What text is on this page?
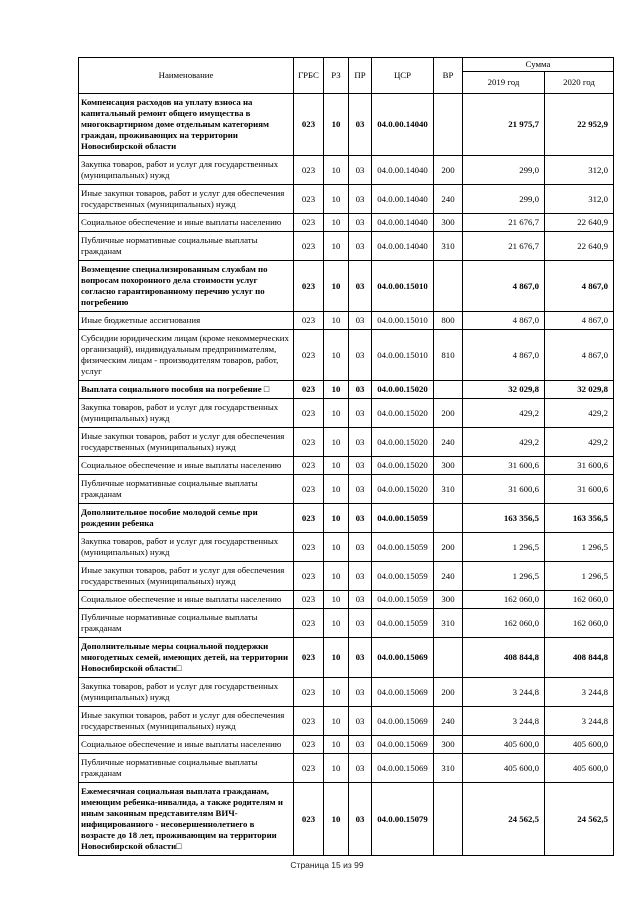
Наименование	ГРБС	РЗ	ПР	ЦСР	ВР	Сумма	
						2019 год	2020 год
Компенсация расходов на уплату взноса на капитальный ремонт общего имущества в многоквартирном доме отдельным категориям граждан, проживающих на территории Новосибирской области	023	10	03	04.0.00.14040		21 975,7	22 952,9
Закупка товаров, работ и услуг для государственных (муниципальных) нужд	023	10	03	04.0.00.14040	200	299,0	312,0
Иные закупки товаров, работ и услуг для обеспечения государственных (муниципальных) нужд	023	10	03	04.0.00.14040	240	299,0	312,0
Социальное обеспечение и иные выплаты населению	023	10	03	04.0.00.14040	300	21 676,7	22 640,9
Публичные нормативные социальные выплаты гражданам	023	10	03	04.0.00.14040	310	21 676,7	22 640,9
Возмещение специализированным службам по вопросам похоронного дела стоимости услуг согласно гарантированному перечню услуг по погребению	023	10	03	04.0.00.15010		4 867,0	4 867,0
Иные бюджетные ассигнования	023	10	03	04.0.00.15010	800	4 867,0	4 867,0
Субсидии юридическим лицам (кроме некоммерческих организаций), индивидуальным предпринимателям, физическим лицам - производителям товаров, работ, услуг	023	10	03	04.0.00.15010	810	4 867,0	4 867,0
Выплата социального пособия на погребение □	023	10	03	04.0.00.15020		32 029,8	32 029,8
Закупка товаров, работ и услуг для государственных (муниципальных) нужд	023	10	03	04.0.00.15020	200	429,2	429,2
Иные закупки товаров, работ и услуг для обеспечения государственных (муниципальных) нужд	023	10	03	04.0.00.15020	240	429,2	429,2
Социальное обеспечение и иные выплаты населению	023	10	03	04.0.00.15020	300	31 600,6	31 600,6
Публичные нормативные социальные выплаты гражданам	023	10	03	04.0.00.15020	310	31 600,6	31 600,6
Дополнительное пособие молодой семье при рождении ребенка	023	10	03	04.0.00.15059		163 356,5	163 356,5
Закупка товаров, работ и услуг для государственных (муниципальных) нужд	023	10	03	04.0.00.15059	200	1 296,5	1 296,5
Иные закупки товаров, работ и услуг для обеспечения государственных (муниципальных) нужд	023	10	03	04.0.00.15059	240	1 296,5	1 296,5
Социальное обеспечение и иные выплаты населению	023	10	03	04.0.00.15059	300	162 060,0	162 060,0
Публичные нормативные социальные выплаты гражданам	023	10	03	04.0.00.15059	310	162 060,0	162 060,0
Дополнительные меры социальной поддержки многодетных семей, имеющих детей, на территории Новосибирской области□	023	10	03	04.0.00.15069		408 844,8	408 844,8
Закупка товаров, работ и услуг для государственных (муниципальных) нужд	023	10	03	04.0.00.15069	200	3 244,8	3 244,8
Иные закупки товаров, работ и услуг для обеспечения государственных (муниципальных) нужд	023	10	03	04.0.00.15069	240	3 244,8	3 244,8
Социальное обеспечение и иные выплаты населению	023	10	03	04.0.00.15069	300	405 600,0	405 600,0
Публичные нормативные социальные выплаты гражданам	023	10	03	04.0.00.15069	310	405 600,0	405 600,0
Ежемесячная социальная выплата гражданам, имеющим ребенка-инвалида, а также родителям и иным законным представителям ВИЧ-инфицированного - несовершеннолетнего в возрасте до 18 лет, проживающим на территории Новосибирской области□	023	10	03	04.0.00.15079		24 562,5	24 562,5
Страница 15 из 99
